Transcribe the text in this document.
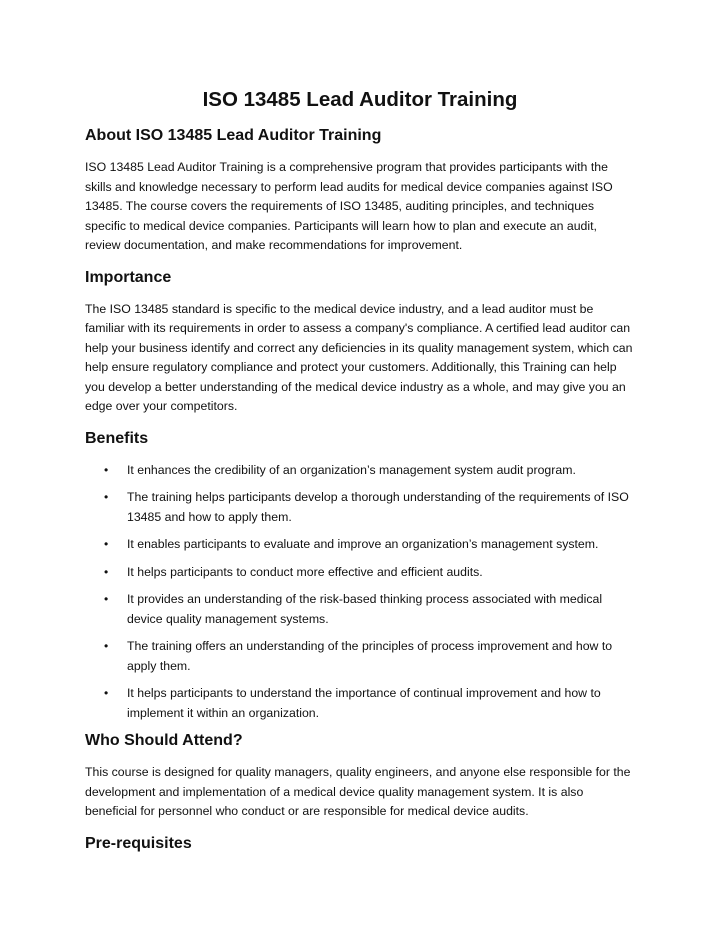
ISO 13485 Lead Auditor Training
About ISO 13485 Lead Auditor Training

ISO 13485 Lead Auditor Training is a comprehensive program that provides participants with the skills and knowledge necessary to perform lead audits for medical device companies against ISO 13485. The course covers the requirements of ISO 13485, auditing principles, and techniques specific to medical device companies. Participants will learn how to plan and execute an audit, review documentation, and make recommendations for improvement.

Importance

The ISO 13485 standard is specific to the medical device industry, and a lead auditor must be familiar with its requirements in order to assess a company's compliance. A certified lead auditor can help your business identify and correct any deficiencies in its quality management system, which can help ensure regulatory compliance and protect your customers. Additionally, this Training can help you develop a better understanding of the medical device industry as a whole, and may give you an edge over your competitors.

Benefits
• It enhances the credibility of an organization’s management system audit program.
• The training helps participants develop a thorough understanding of the requirements of ISO 13485 and how to apply them.
• It enables participants to evaluate and improve an organization’s management system.
• It helps participants to conduct more effective and efficient audits.
• It provides an understanding of the risk-based thinking process associated with medical device quality management systems.
• The training offers an understanding of the principles of process improvement and how to apply them.
• It helps participants to understand the importance of continual improvement and how to implement it within an organization.
Who Should Attend?

This course is designed for quality managers, quality engineers, and anyone else responsible for the development and implementation of a medical device quality management system. It is also beneficial for personnel who conduct or are responsible for medical device audits.

Pre-requisites
